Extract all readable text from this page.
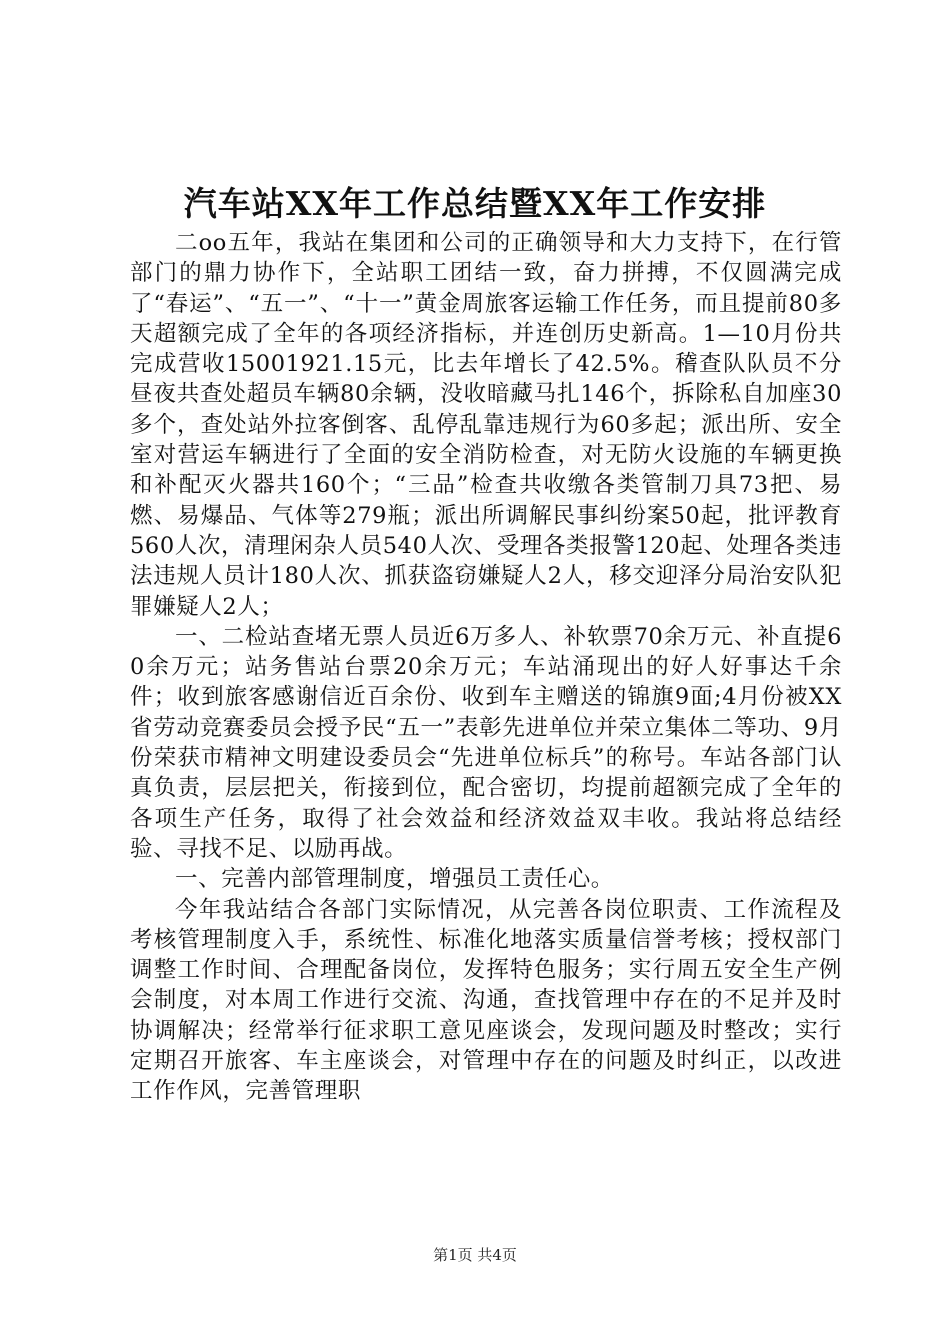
汽车站XX年工作总结暨XX年工作安排

二oo五年，我站在集团和公司的正确领导和大力支持下，在行管部门的鼎力协作下，全站职工团结一致，奋力拼搏，不仅圆满完成了“春运”、“五一”、“十一”黄金周旅客运输工作任务，而且提前80多天超额完成了全年的各项经济指标，并连创历史新高。1—10月份共完成营收15001921.15元，比去年增长了42.5%。稽查队队员不分昼夜共查处超员车辆80余辆，没收暗藏马扎146个，拆除私自加座30多个，查处站外拉客倒客、乱停乱靠违规行为60多起；派出所、安全室对营运车辆进行了全面的安全消防检查，对无防火设施的车辆更换和补配灭火器共160个；“三品”检查共收缴各类管制刀具73把、易燃、易爆品、气体等279瓶；派出所调解民事纠纷案50起，批评教育560人次，清理闲杂人员540人次、受理各类报警120起、处理各类违法违规人员计180人次、抓获盗窃嫌疑人2人，移交迎泽分局治安队犯罪嫌疑人2人；

一、二检站查堵无票人员近6万多人、补软票70余万元、补直提60余万元；站务售站台票20余万元；车站涌现出的好人好事达千余件；收到旅客感谢信近百余份、收到车主赠送的锦旗9面;4月份被XX省劳动竞赛委员会授予民“五一”表彰先进单位并荣立集体二等功、9月份荣获市精神文明建设委员会“先进单位标兵”的称号。车站各部门认真负责，层层把关，衔接到位，配合密切，均提前超额完成了全年的各项生产任务，取得了社会效益和经济效益双丰收。我站将总结经验、寻找不足、以励再战。

一、完善内部管理制度，增强员工责任心。

今年我站结合各部门实际情况，从完善各岗位职责、工作流程及考核管理制度入手，系统性、标准化地落实质量信誉考核；授权部门调整工作时间、合理配备岗位，发挥特色服务；实行周五安全生产例会制度，对本周工作进行交流、沟通，查找管理中存在的不足并及时协调解决；经常举行征求职工意见座谈会，发现问题及时整改；实行定期召开旅客、车主座谈会，对管理中存在的问题及时纠正，以改进工作作风，完善管理职

第1页 共4页
